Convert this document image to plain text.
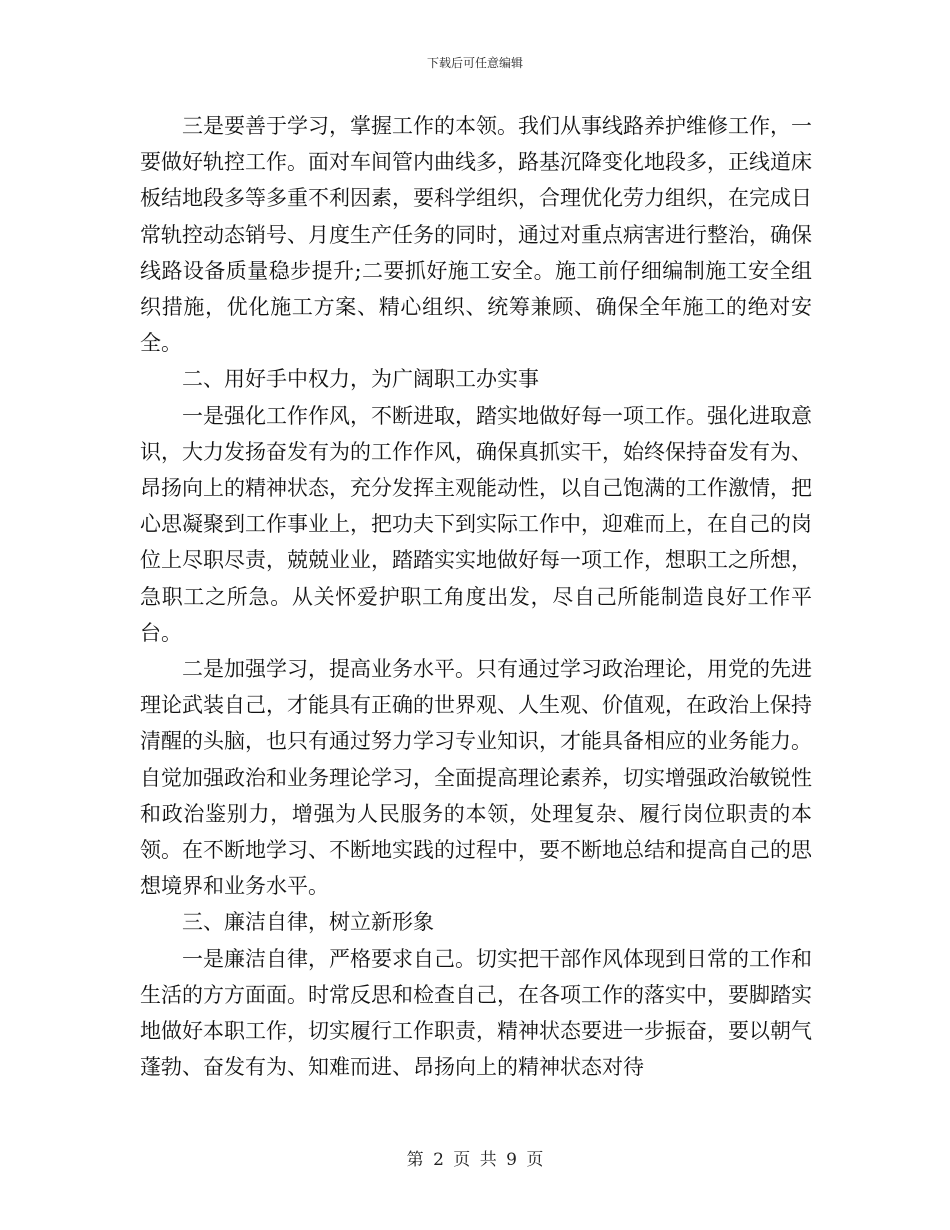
下载后可任意编辑

三是要善于学习，掌握工作的本领。我们从事线路养护维修工作，一要做好轨控工作。面对车间管内曲线多，路基沉降变化地段多，正线道床板结地段多等多重不利因素，要科学组织，合理优化劳力组织，在完成日常轨控动态销号、月度生产任务的同时，通过对重点病害进行整治，确保线路设备质量稳步提升;二要抓好施工安全。施工前仔细编制施工安全组织措施，优化施工方案、精心组织、统筹兼顾、确保全年施工的绝对安全。

二、用好手中权力，为广阔职工办实事

一是强化工作作风，不断进取，踏实地做好每一项工作。强化进取意识，大力发扬奋发有为的工作作风，确保真抓实干，始终保持奋发有为、昂扬向上的精神状态，充分发挥主观能动性，以自己饱满的工作激情，把心思凝聚到工作事业上，把功夫下到实际工作中，迎难而上，在自己的岗位上尽职尽责，兢兢业业，踏踏实实地做好每一项工作，想职工之所想，急职工之所急。从关怀爱护职工角度出发，尽自己所能制造良好工作平台。

二是加强学习，提高业务水平。只有通过学习政治理论，用党的先进理论武装自己，才能具有正确的世界观、人生观、价值观，在政治上保持清醒的头脑，也只有通过努力学习专业知识，才能具备相应的业务能力。自觉加强政治和业务理论学习，全面提高理论素养，切实增强政治敏锐性和政治鉴别力，增强为人民服务的本领，处理复杂、履行岗位职责的本领。在不断地学习、不断地实践的过程中，要不断地总结和提高自己的思想境界和业务水平。

三、廉洁自律，树立新形象

一是廉洁自律，严格要求自己。切实把干部作风体现到日常的工作和生活的方方面面。时常反思和检查自己，在各项工作的落实中，要脚踏实地做好本职工作，切实履行工作职责，精神状态要进一步振奋，要以朝气蓬勃、奋发有为、知难而进、昂扬向上的精神状态对待

第 2 页 共 9 页
